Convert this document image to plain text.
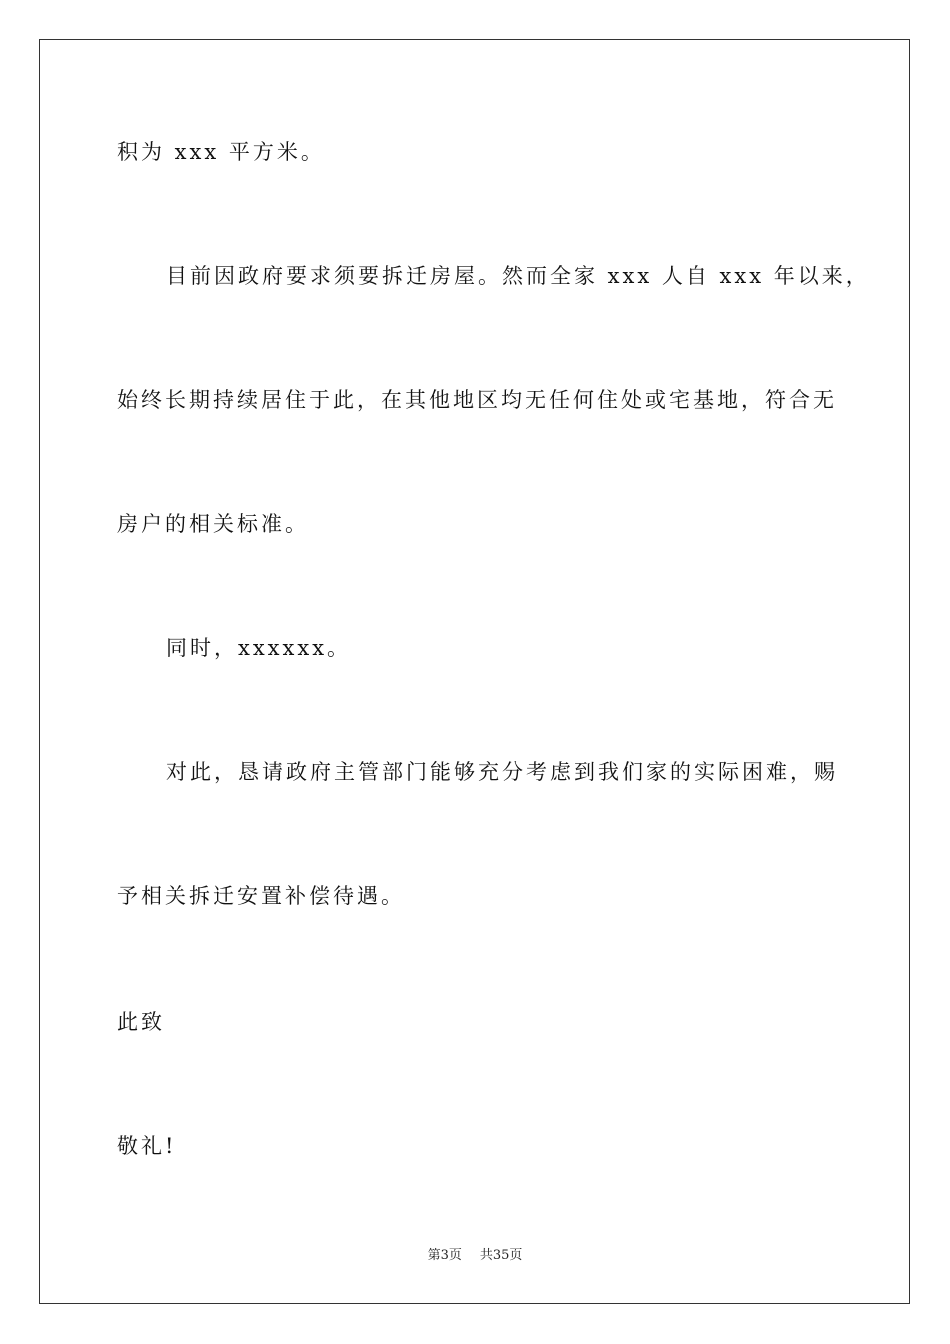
积为 xxx 平方米。
目前因政府要求须要拆迁房屋。然而全家 xxx 人自 xxx 年以来，
始终长期持续居住于此，在其他地区均无任何住处或宅基地，符合无
房户的相关标准。
同时，xxxxxx。
对此，恳请政府主管部门能够充分考虑到我们家的实际困难，赐
予相关拆迁安置补偿待遇。
此致
敬礼!
第3页 共35页
